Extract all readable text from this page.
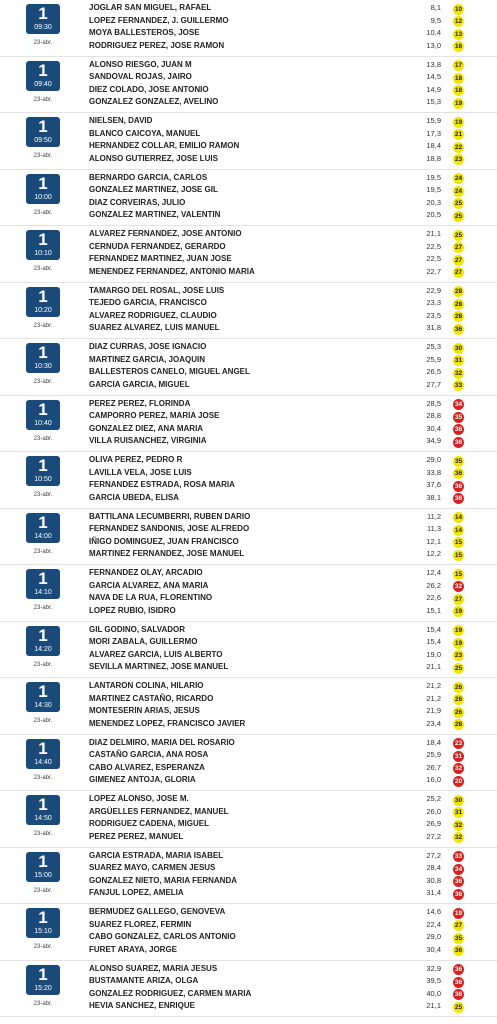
1
09:30
23-abr.
JOGLAR SAN MIGUEL, RAFAEL	8,1 10
LOPEZ FERNANDEZ, J. GUILLERMO	9,5 12
MOYA BALLESTEROS, JOSE	10,4 13
RODRIGUEZ PEREZ, JOSE RAMON	13,0 16
1
09:40
23-abr.
ALONSO RIESGO, JUAN M	13,8 17
SANDOVAL ROJAS, JAIRO	14,5 18
DIEZ COLADO, JOSE ANTONIO	14,9 18
GONZALEZ GONZALEZ, AVELINO	15,3 19
1
09:50
23-abr.
NIELSEN, DAVID	15,9 19
BLANCO CAICOYA, MANUEL	17,3 21
HERNANDEZ COLLAR, EMILIO RAMON	18,4 22
ALONSO GUTIERREZ, JOSE LUIS	18,8 23
1
10:00
23-abr.
BERNARDO GARCIA, CARLOS	19,5 24
GONZALEZ MARTINEZ, JOSE GIL	19,5 24
DIAZ CORVEIRAS, JULIO	20,3 25
GONZALEZ MARTINEZ, VALENTIN	20,5 25
1
10:10
23-abr.
ALVAREZ FERNANDEZ, JOSE ANTONIO	21,1 25
CERNUDA FERNANDEZ, GERARDO	22,5 27
FERNANDEZ MARTINEZ, JUAN JOSE	22,5 27
MENENDEZ FERNANDEZ, ANTONIO MARIA	22,7 27
1
10:20
23-abr.
TAMARGO DEL ROSAL, JOSE LUIS	22,9 28
TEJEDO GARCIA, FRANCISCO	23,3 28
ALVAREZ RODRIGUEZ, CLAUDIO	23,5 28
SUAREZ ALVAREZ, LUIS MANUEL	31,8 36
1
10:30
23-abr.
DIAZ CURRAS, JOSE IGNACIO	25,3 30
MARTINEZ GARCIA, JOAQUIN	25,9 31
BALLESTEROS CANELO, MIGUEL ANGEL	26,5 32
GARCIA GARCIA, MIGUEL	27,7 33
1
10:40
23-abr.
PEREZ PEREZ, FLORINDA	28,5 34
CAMPORRO PEREZ, MARIA JOSE	28,8 35
GONZALEZ DIEZ, ANA MARIA	30,4 36
VILLA RUISANCHEZ, VIRGINIA	34,9 36
1
10:50
23-abr.
OLIVA PEREZ, PEDRO R	29,0 35
LAVILLA VELA, JOSE LUIS	33,8 36
FERNANDEZ ESTRADA, ROSA MARIA	37,6 36
GARCIA UBEDA, ELISA	38,1 36
1
14:00
23-abr.
BATTILANA LECUMBERRI, RUBEN DARIO	11,2 14
FERNANDEZ SANDONIS, JOSE ALFREDO	11,3 14
IÑIGO DOMINGUEZ, JUAN FRANCISCO	12,1 15
MARTINEZ FERNANDEZ, JOSE MANUEL	12,2 15
1
14:10
23-abr.
FERNANDEZ OLAY, ARCADIO	12,4 15
GARCIA ALVAREZ, ANA MARIA	26,2 32
NAVA DE LA RUA, FLORENTINO	22,6 27
LOPEZ RUBIO, ISIDRO	15,1 19
1
14:20
23-abr.
GIL GODINO, SALVADOR	15,4 19
MORI ZABALA, GUILLERMO	15,4 19
ALVAREZ GARCIA, LUIS ALBERTO	19,0 23
SEVILLA MARTINEZ, JOSE MANUEL	21,1 25
1
14:30
23-abr.
LANTARON COLINA, HILARIO	21,2 26
MARTINEZ CASTAÑO, RICARDO	21,2 26
MONTESERIN ARIAS, JESUS	21,9 26
MENENDEZ LOPEZ, FRANCISCO JAVIER	23,4 28
1
14:40
23-abr.
DIAZ DELMIRO, MARIA DEL ROSARIO	18,4 23
CASTAÑO GARCIA, ANA ROSA	25,9 31
CABO ALVAREZ, ESPERANZA	26,7 32
GIMENEZ ANTOJA, GLORIA	16,0 20
1
14:50
23-abr.
LOPEZ ALONSO, JOSE M.	25,2 30
ARGÜELLES FERNANDEZ, MANUEL	26,0 31
RODRIGUEZ CADENA, MIGUEL	26,9 32
PEREZ PEREZ, MANUEL	27,2 32
1
15:00
23-abr.
GARCIA ESTRADA, MARIA ISABEL	27,2 33
SUAREZ MAYO, CARMEN JESUS	28,4 34
GONZALEZ NIETO, MARIA FERNANDA	30,8 36
FANJUL LOPEZ, AMELIA	31,4 36
1
15:10
23-abr.
BERMUDEZ GALLEGO, GENOVEVA	14,6 19
SUAREZ FLOREZ, FERMIN	22,4 27
CABO GONZALEZ, CARLOS ANTONIO	29,0 35
FURET ARAYA, JORGE	30,4 36
1
15:20
23-abr.
ALONSO SUAREZ, MARIA JESUS	32,9 36
BUSTAMANTE ARIZA, OLGA	39,5 36
GONZALEZ RODRIGUEZ, CARMEN MARIA	40,0 36
HEVIA SANCHEZ, ENRIQUE	21,1 25
